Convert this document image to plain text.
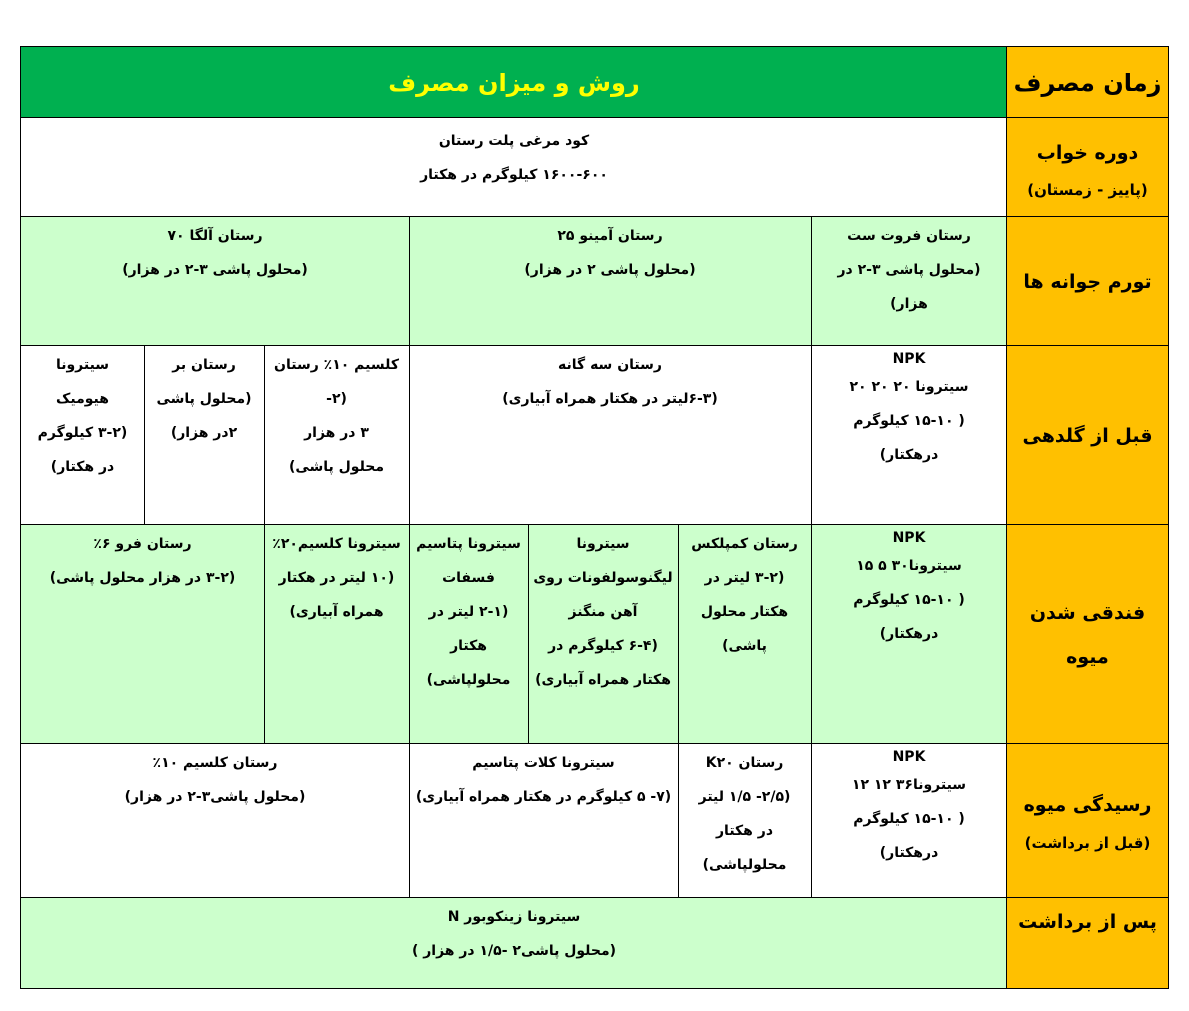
روش و میزان مصرف	زمان مصرف
کود مرغی پلت رستان
۱۶۰۰-۶۰۰ کیلوگرم در هکتار
دوره خواب
(پاییز - زمستان)
رستان فروت ست
(محلول پاشی ۳-۲ در
هزار)
رستان آمینو ۲۵
(محلول پاشی ۲ در هزار)
رستان آلگا ۷۰
(محلول پاشی ۳-۲ در هزار)
تورم جوانه ها
NPK
سیترونا ۲۰ ۲۰ ۲۰
( ۱۵-۱۰ کیلوگرم
درهکتار)
رستان سه گانه
(۶-۳لیتر در هکتار همراه آبیاری)
کلسیم ۱۰٪ رستان
(۲-
۳ در هزار
محلول پاشی)
رستان بر
(محلول پاشی
۲در هزار)
سیترونا
هیومیک
(۳-۲ کیلوگرم
در هکتار)
قبل از گلدهی
NPK
سیترونا۳۰ ۵ ۱۵
( ۱۵-۱۰ کیلوگرم
درهکتار)
رستان کمپلکس
(۳-۲ لیتر در
هکتار محلول
پاشی)
سیترونا
لیگنوسولفونات روی
آهن منگنز
(۶-۴ کیلوگرم در
هکتار همراه آبیاری)
سیترونا پتاسیم
فسفات
(۲-۱ لیتر در
هکتار
محلولپاشی)
سیترونا کلسیم۲۰٪
(۱۰ لیتر در هکتار
همراه آبیاری)
رستان فرو ۶٪
(۳-۲ در هزار محلول پاشی)
فندقی شدن
میوه
NPK
سیترونا۳۶ ۱۲ ۱۲
( ۱۵-۱۰ کیلوگرم
درهکتار)
رستان K۲۰
(۲/۵- ۱/۵ لیتر
در هکتار
محلولپاشی)
سیترونا کلات پتاسیم
(۷- ۵ کیلوگرم در هکتار همراه آبیاری)
رستان کلسیم ۱۰٪
(محلول پاشی۳-۲ در هزار)	رسیدگی میوه
(قبل از برداشت)
سیترونا زینکوبور N
(محلول پاشی۲ -۱/۵ در هزار )
پس از برداشت
